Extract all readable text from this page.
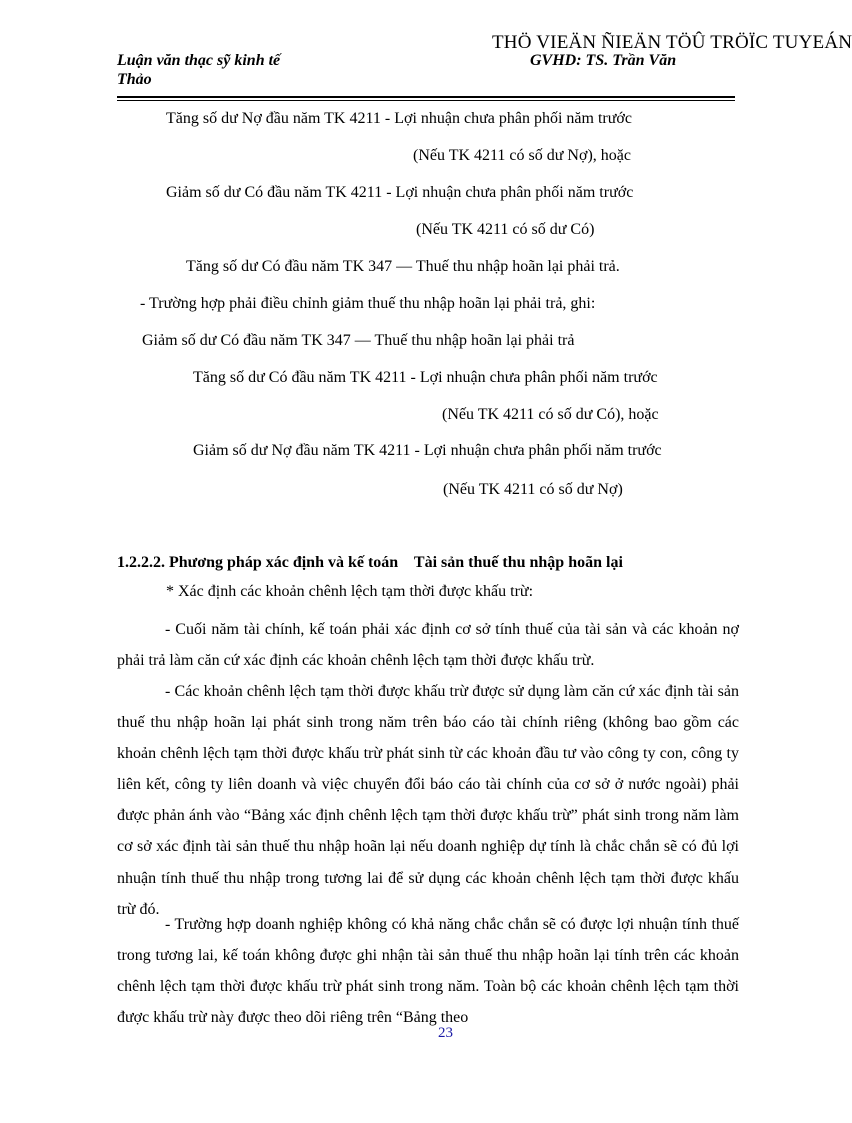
THÖ VIEÄN ÑIEÄN TÖÛ TRÖÏC TUYEÁN
Luận văn thạc sỹ kinh tế
Thảo
GVHD: TS. Trần Văn
Tăng số dư Nợ đầu năm TK 4211 - Lợi nhuận chưa phân phối năm trước
(Nếu TK 4211 có số dư Nợ), hoặc
Giảm số dư Có đầu năm TK 4211 - Lợi nhuận chưa phân phối năm trước
(Nếu TK 4211 có số dư Có)
Tăng số dư Có đầu năm TK 347 — Thuế thu nhập hoãn lại phải trả.
- Trường hợp phải điều chỉnh giảm thuế thu nhập hoãn lại phải trả, ghi:
Giảm số dư Có đầu năm TK 347 — Thuế thu nhập hoãn lại phải trả
Tăng số dư Có đầu năm TK 4211 - Lợi nhuận chưa phân phối năm trước
(Nếu TK 4211 có số dư Có), hoặc
Giảm số dư Nợ đầu năm TK 4211 - Lợi nhuận chưa phân phối năm trước
(Nếu TK 4211 có số dư Nợ)
1.2.2.2. Phương pháp xác định và kế toán    Tài sản thuế thu nhập hoãn lại
* Xác định các khoản chênh lệch tạm thời được khấu trừ:
- Cuối năm tài chính, kế toán phải xác định cơ sở tính thuế của tài sản và các khoản nợ phải trả làm căn cứ xác định các khoản chênh lệch tạm thời được khấu trừ.
- Các khoản chênh lệch tạm thời được khấu trừ được sử dụng làm căn cứ xác định tài sản thuế thu nhập hoãn lại phát sinh trong năm trên báo cáo tài chính riêng (không bao gồm các khoản chênh lệch tạm thời được khấu trừ phát sinh từ các khoản đầu tư vào công ty con, công ty liên kết, công ty liên doanh và việc chuyển đổi báo cáo tài chính của cơ sở ở nước ngoài) phải được phản ánh vào “Bảng xác định chênh lệch tạm thời được khấu trừ” phát sinh trong năm làm cơ sở xác định tài sản thuế thu nhập hoãn lại nếu doanh nghiệp dự tính là chắc chắn sẽ có đủ lợi nhuận tính thuế thu nhập trong tương lai để sử dụng các khoản chênh lệch tạm thời được khấu trừ đó.
- Trường hợp doanh nghiệp không có khả năng chắc chắn sẽ có được lợi nhuận tính thuế trong tương lai, kế toán không được ghi nhận tài sản thuế thu nhập hoãn lại tính trên các khoản chênh lệch tạm thời được khấu trừ phát sinh trong năm. Toàn bộ các khoản chênh lệch tạm thời được khấu trừ này được theo dõi riêng trên “Bảng theo
23
